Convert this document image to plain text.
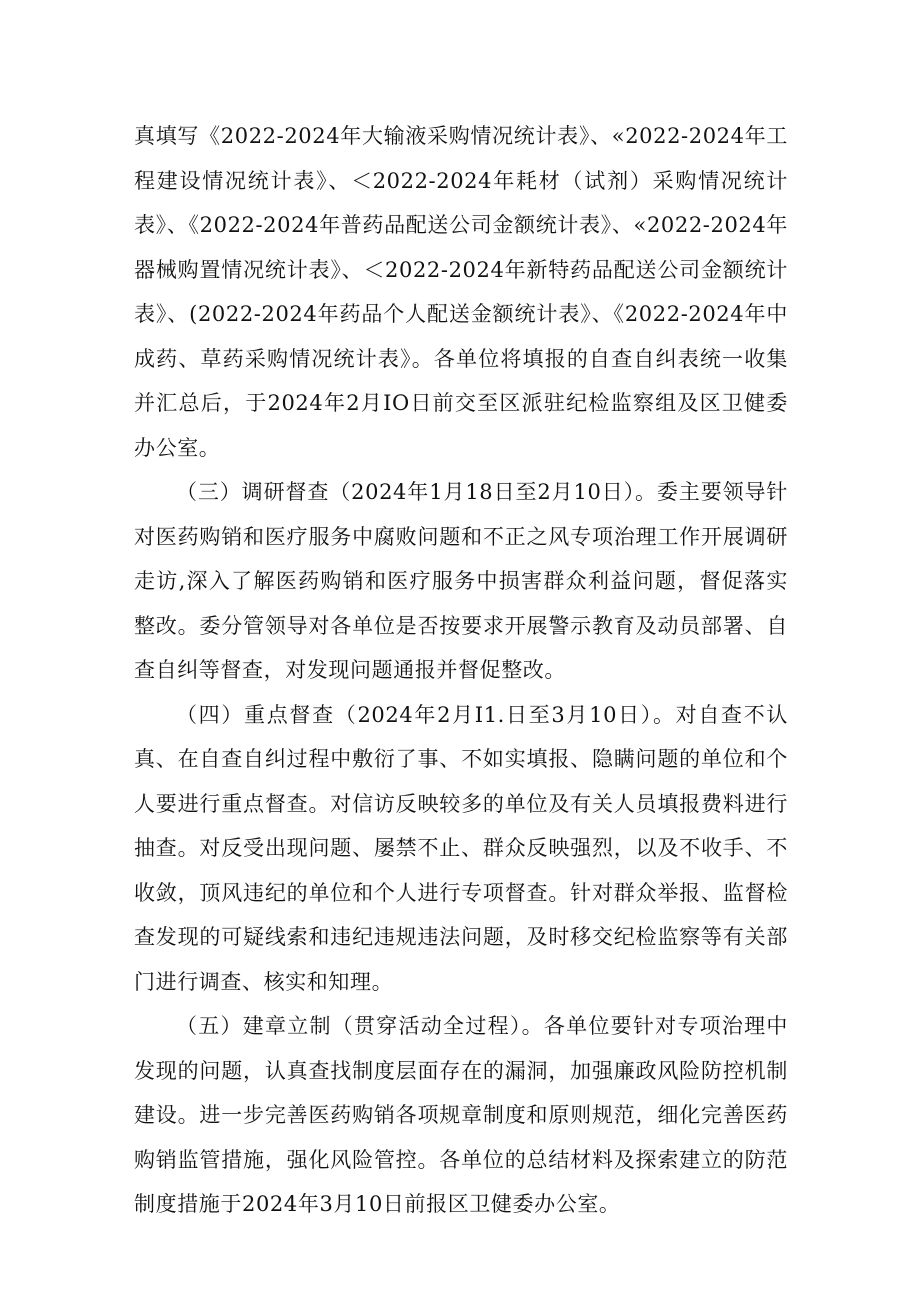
真填写《2022-2024年大输液采购情况统计表》、«2022-2024年工程建设情况统计表》、＜2022-2024年耗材（试剂）采购情况统计表》、《2022-2024年普药品配送公司金额统计表》、«2022-2024年器械购置情况统计表》、＜2022-2024年新特药品配送公司金额统计表》、(2022-2024年药品个人配送金额统计表》、《2022-2024年中成药、草药采购情况统计表》。各单位将填报的自查自纠表统一收集并汇总后，于2024年2月IO日前交至区派驻纪检监察组及区卫健委办公室。

（三）调研督查（2024年1月18日至2月10日）。委主要领导针对医药购销和医疗服务中腐败问题和不正之风专项治理工作开展调研走访,深入了解医药购销和医疗服务中损害群众利益问题，督促落实整改。委分管领导对各单位是否按要求开展警示教育及动员部署、自查自纠等督查，对发现问题通报并督促整改。

（四）重点督查（2024年2月I1.日至3月10日）。对自查不认真、在自查自纠过程中敷衍了事、不如实填报、隐瞒问题的单位和个人要进行重点督查。对信访反映较多的单位及有关人员填报费料进行抽查。对反受出现问题、屡禁不止、群众反映强烈，以及不收手、不收敛，顶风违纪的单位和个人进行专项督查。针对群众举报、监督检查发现的可疑线索和违纪违规违法问题，及时移交纪检监察等有关部门进行调查、核实和知理。

（五）建章立制（贯穿活动全过程）。各单位要针对专项治理中发现的问题，认真查找制度层面存在的漏洞，加强廉政风险防控机制建设。进一步完善医药购销各项规章制度和原则规范，细化完善医药购销监管措施，强化风险管控。各单位的总结材料及探索建立的防范制度措施于2024年3月10日前报区卫健委办公室。
